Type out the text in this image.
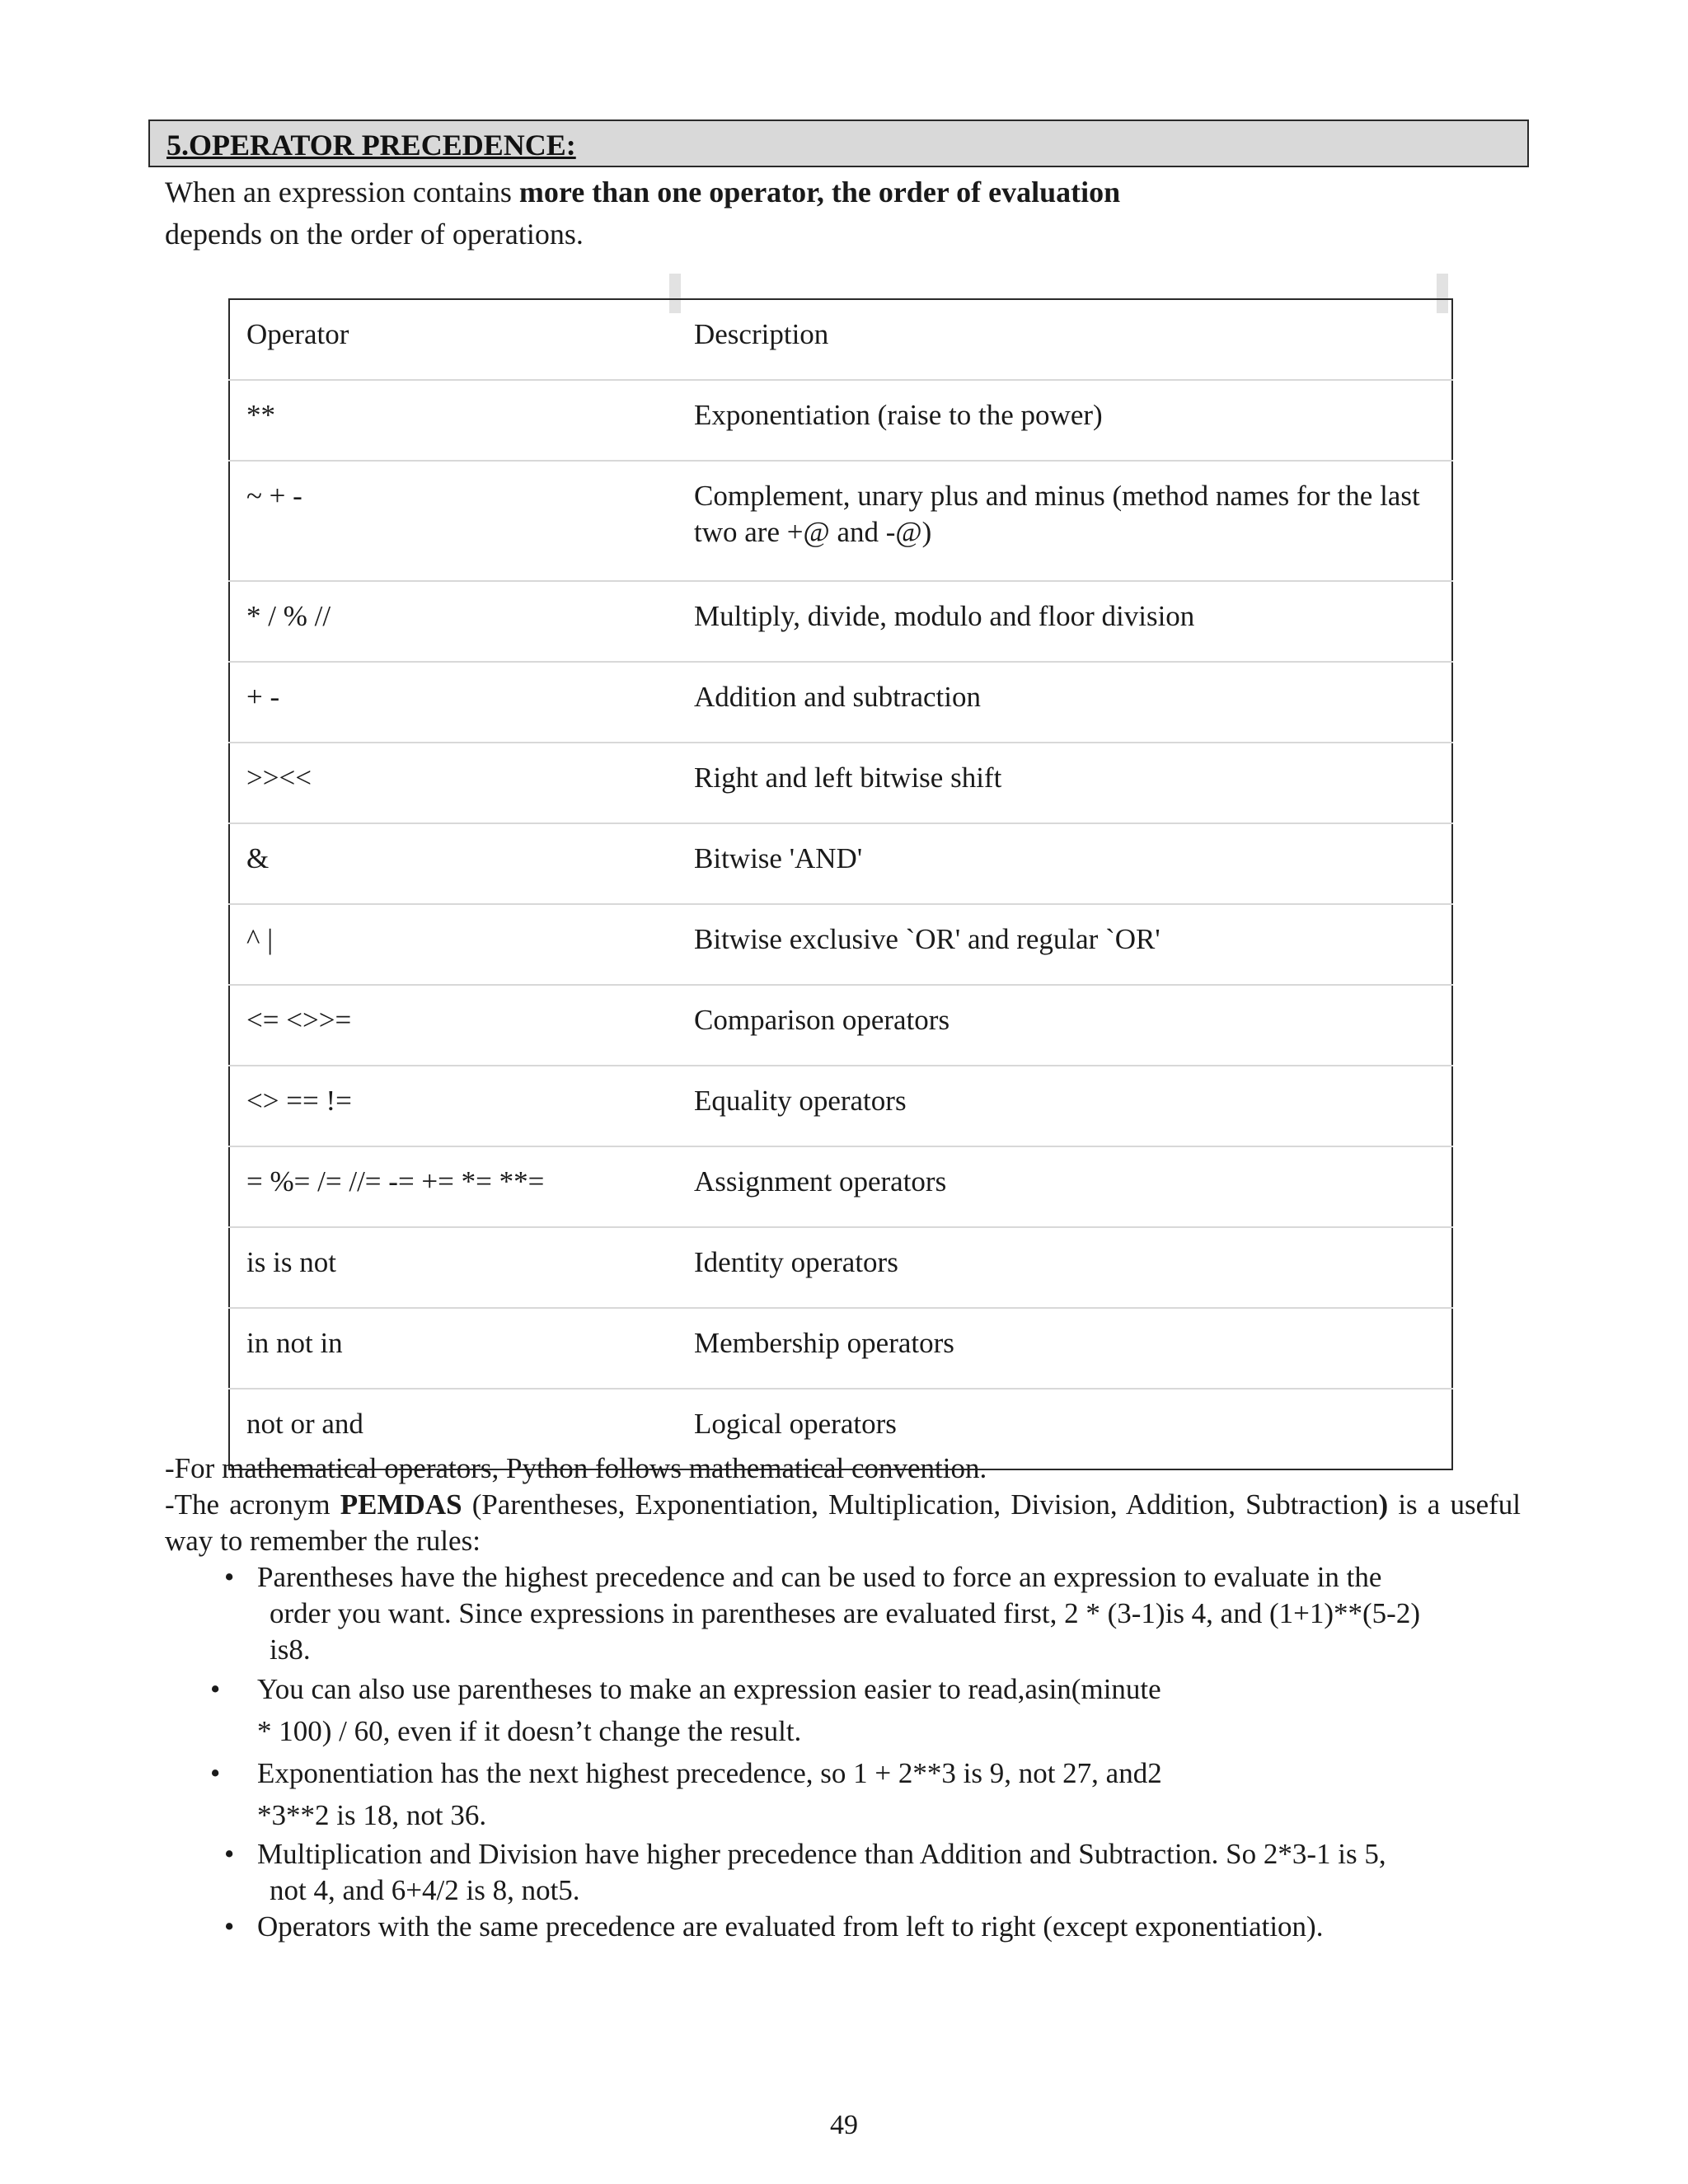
5.OPERATOR PRECEDENCE:
When an expression contains more than one operator, the order of evaluation
depends on the order of operations.
Operator	Description
**	Exponentiation (raise to the power)
~ + -	Complement, unary plus and minus (method names for the last two are +@ and -@)
* / % //	Multiply, divide, modulo and floor division
+ -	Addition and subtraction
>><<	Right and left bitwise shift
&	Bitwise 'AND'
^ |	Bitwise exclusive `OR' and regular `OR'
<= <>>=	Comparison operators
<> == !=	Equality operators
= %= /= //= -= += *= **=	Assignment operators
is is not	Identity operators
in not in	Membership operators
not or and	Logical operators

-For mathematical operators, Python follows mathematical convention.

-The acronym PEMDAS (Parentheses, Exponentiation, Multiplication, Division, Addition, Subtraction) is a useful way to remember the rules:

• Parentheses have the highest precedence and can be used to force an expression to evaluate in the
order you want. Since expressions in parentheses are evaluated first, 2 * (3-1)is 4, and (1+1)**(5-2)
is8.
• You can also use parentheses to make an expression easier to read,asin(minute
* 100) / 60, even if it doesn’t change the result.
• Exponentiation has the next highest precedence, so 1 + 2**3 is 9, not 27, and2
*3**2 is 18, not 36.
• Multiplication and Division have higher precedence than Addition and Subtraction. So 2*3-1 is 5,
not 4, and 6+4/2 is 8, not5.
• Operators with the same precedence are evaluated from left to right (except exponentiation).
49
